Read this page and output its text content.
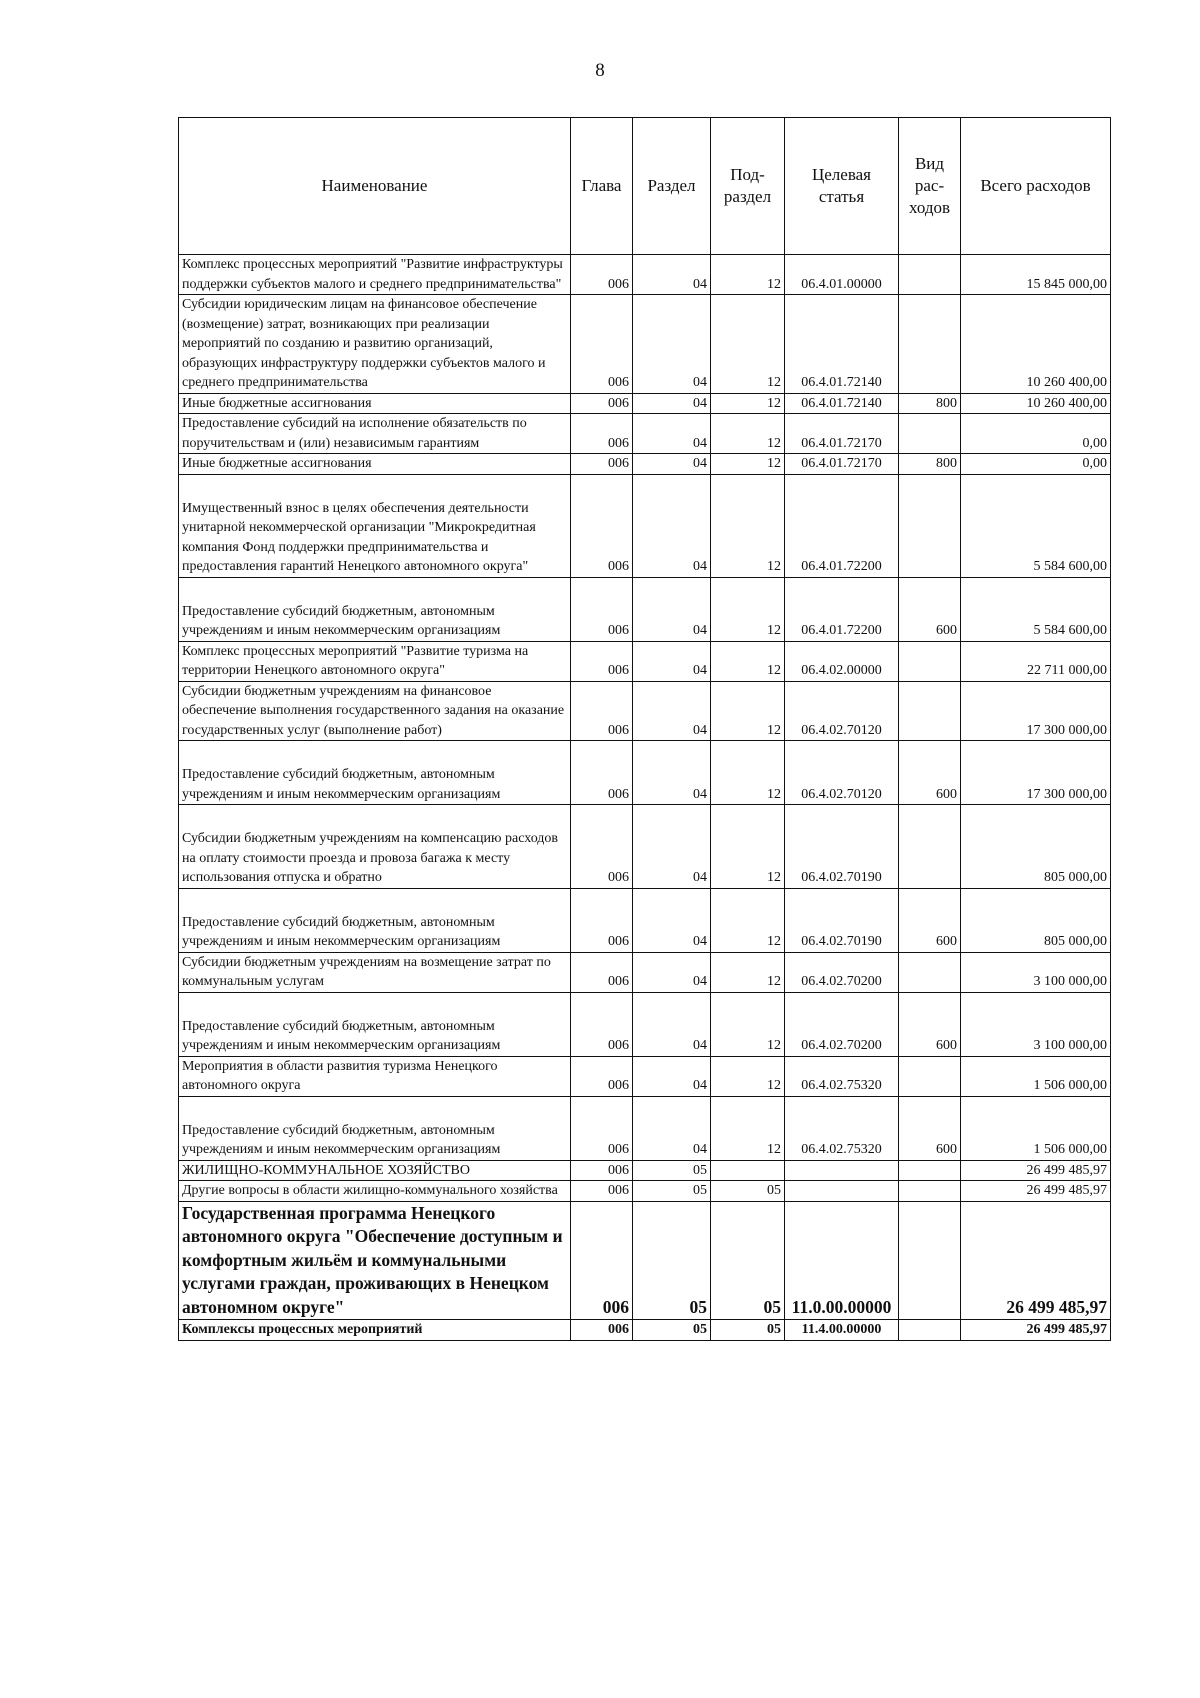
8
Наименование	Глава	Раздел	Под-раздел	Целевая статья	Вид рас-ходов	Всего расходов
Комплекс процессных мероприятий "Развитие инфраструктуры поддержки субъектов малого и среднего предпринимательства"	006	04	12	06.4.01.00000		15 845 000,00
Субсидии юридическим лицам на финансовое обеспечение (возмещение) затрат, возникающих при реализации мероприятий по созданию и развитию организаций, образующих инфраструктуру поддержки субъектов малого и среднего предпринимательства	006	04	12	06.4.01.72140		10 260 400,00
Иные бюджетные ассигнования	006	04	12	06.4.01.72140	800	10 260 400,00
Предоставление субсидий на исполнение обязательств по поручительствам и (или) независимым гарантиям	006	04	12	06.4.01.72170		0,00
Иные бюджетные ассигнования	006	04	12	06.4.01.72170	800	0,00
Имущественный взнос в целях обеспечения деятельности унитарной некоммерческой организации "Микрокредитная компания Фонд поддержки предпринимательства и предоставления гарантий Ненецкого автономного округа"	006	04	12	06.4.01.72200		5 584 600,00
Предоставление субсидий бюджетным, автономным учреждениям и иным некоммерческим организациям	006	04	12	06.4.01.72200	600	5 584 600,00
Комплекс процессных мероприятий "Развитие туризма на территории Ненецкого автономного округа"	006	04	12	06.4.02.00000		22 711 000,00
Субсидии бюджетным учреждениям на финансовое обеспечение выполнения государственного задания на оказание государственных услуг (выполнение работ)	006	04	12	06.4.02.70120		17 300 000,00
Предоставление субсидий бюджетным, автономным учреждениям и иным некоммерческим организациям	006	04	12	06.4.02.70120	600	17 300 000,00
Субсидии бюджетным учреждениям на компенсацию расходов на оплату стоимости проезда и провоза багажа к месту использования отпуска и обратно	006	04	12	06.4.02.70190		805 000,00
Предоставление субсидий бюджетным, автономным учреждениям и иным некоммерческим организациям	006	04	12	06.4.02.70190	600	805 000,00
Субсидии бюджетным учреждениям на возмещение затрат по коммунальным услугам	006	04	12	06.4.02.70200		3 100 000,00
Предоставление субсидий бюджетным, автономным учреждениям и иным некоммерческим организациям	006	04	12	06.4.02.70200	600	3 100 000,00
Мероприятия в области развития туризма Ненецкого автономного округа	006	04	12	06.4.02.75320		1 506 000,00
Предоставление субсидий бюджетным, автономным учреждениям и иным некоммерческим организациям	006	04	12	06.4.02.75320	600	1 506 000,00
ЖИЛИЩНО-КОММУНАЛЬНОЕ ХОЗЯЙСТВО	006	05				26 499 485,97
Другие вопросы в области жилищно-коммунального хозяйства	006	05	05			26 499 485,97
Государственная программа Ненецкого автономного округа "Обеспечение доступным и комфортным жильём и коммунальными услугами граждан, проживающих в Ненецком автономном округе"	006	05	05	11.0.00.00000		26 499 485,97
Комплексы процессных мероприятий	006	05	05	11.4.00.00000		26 499 485,97
